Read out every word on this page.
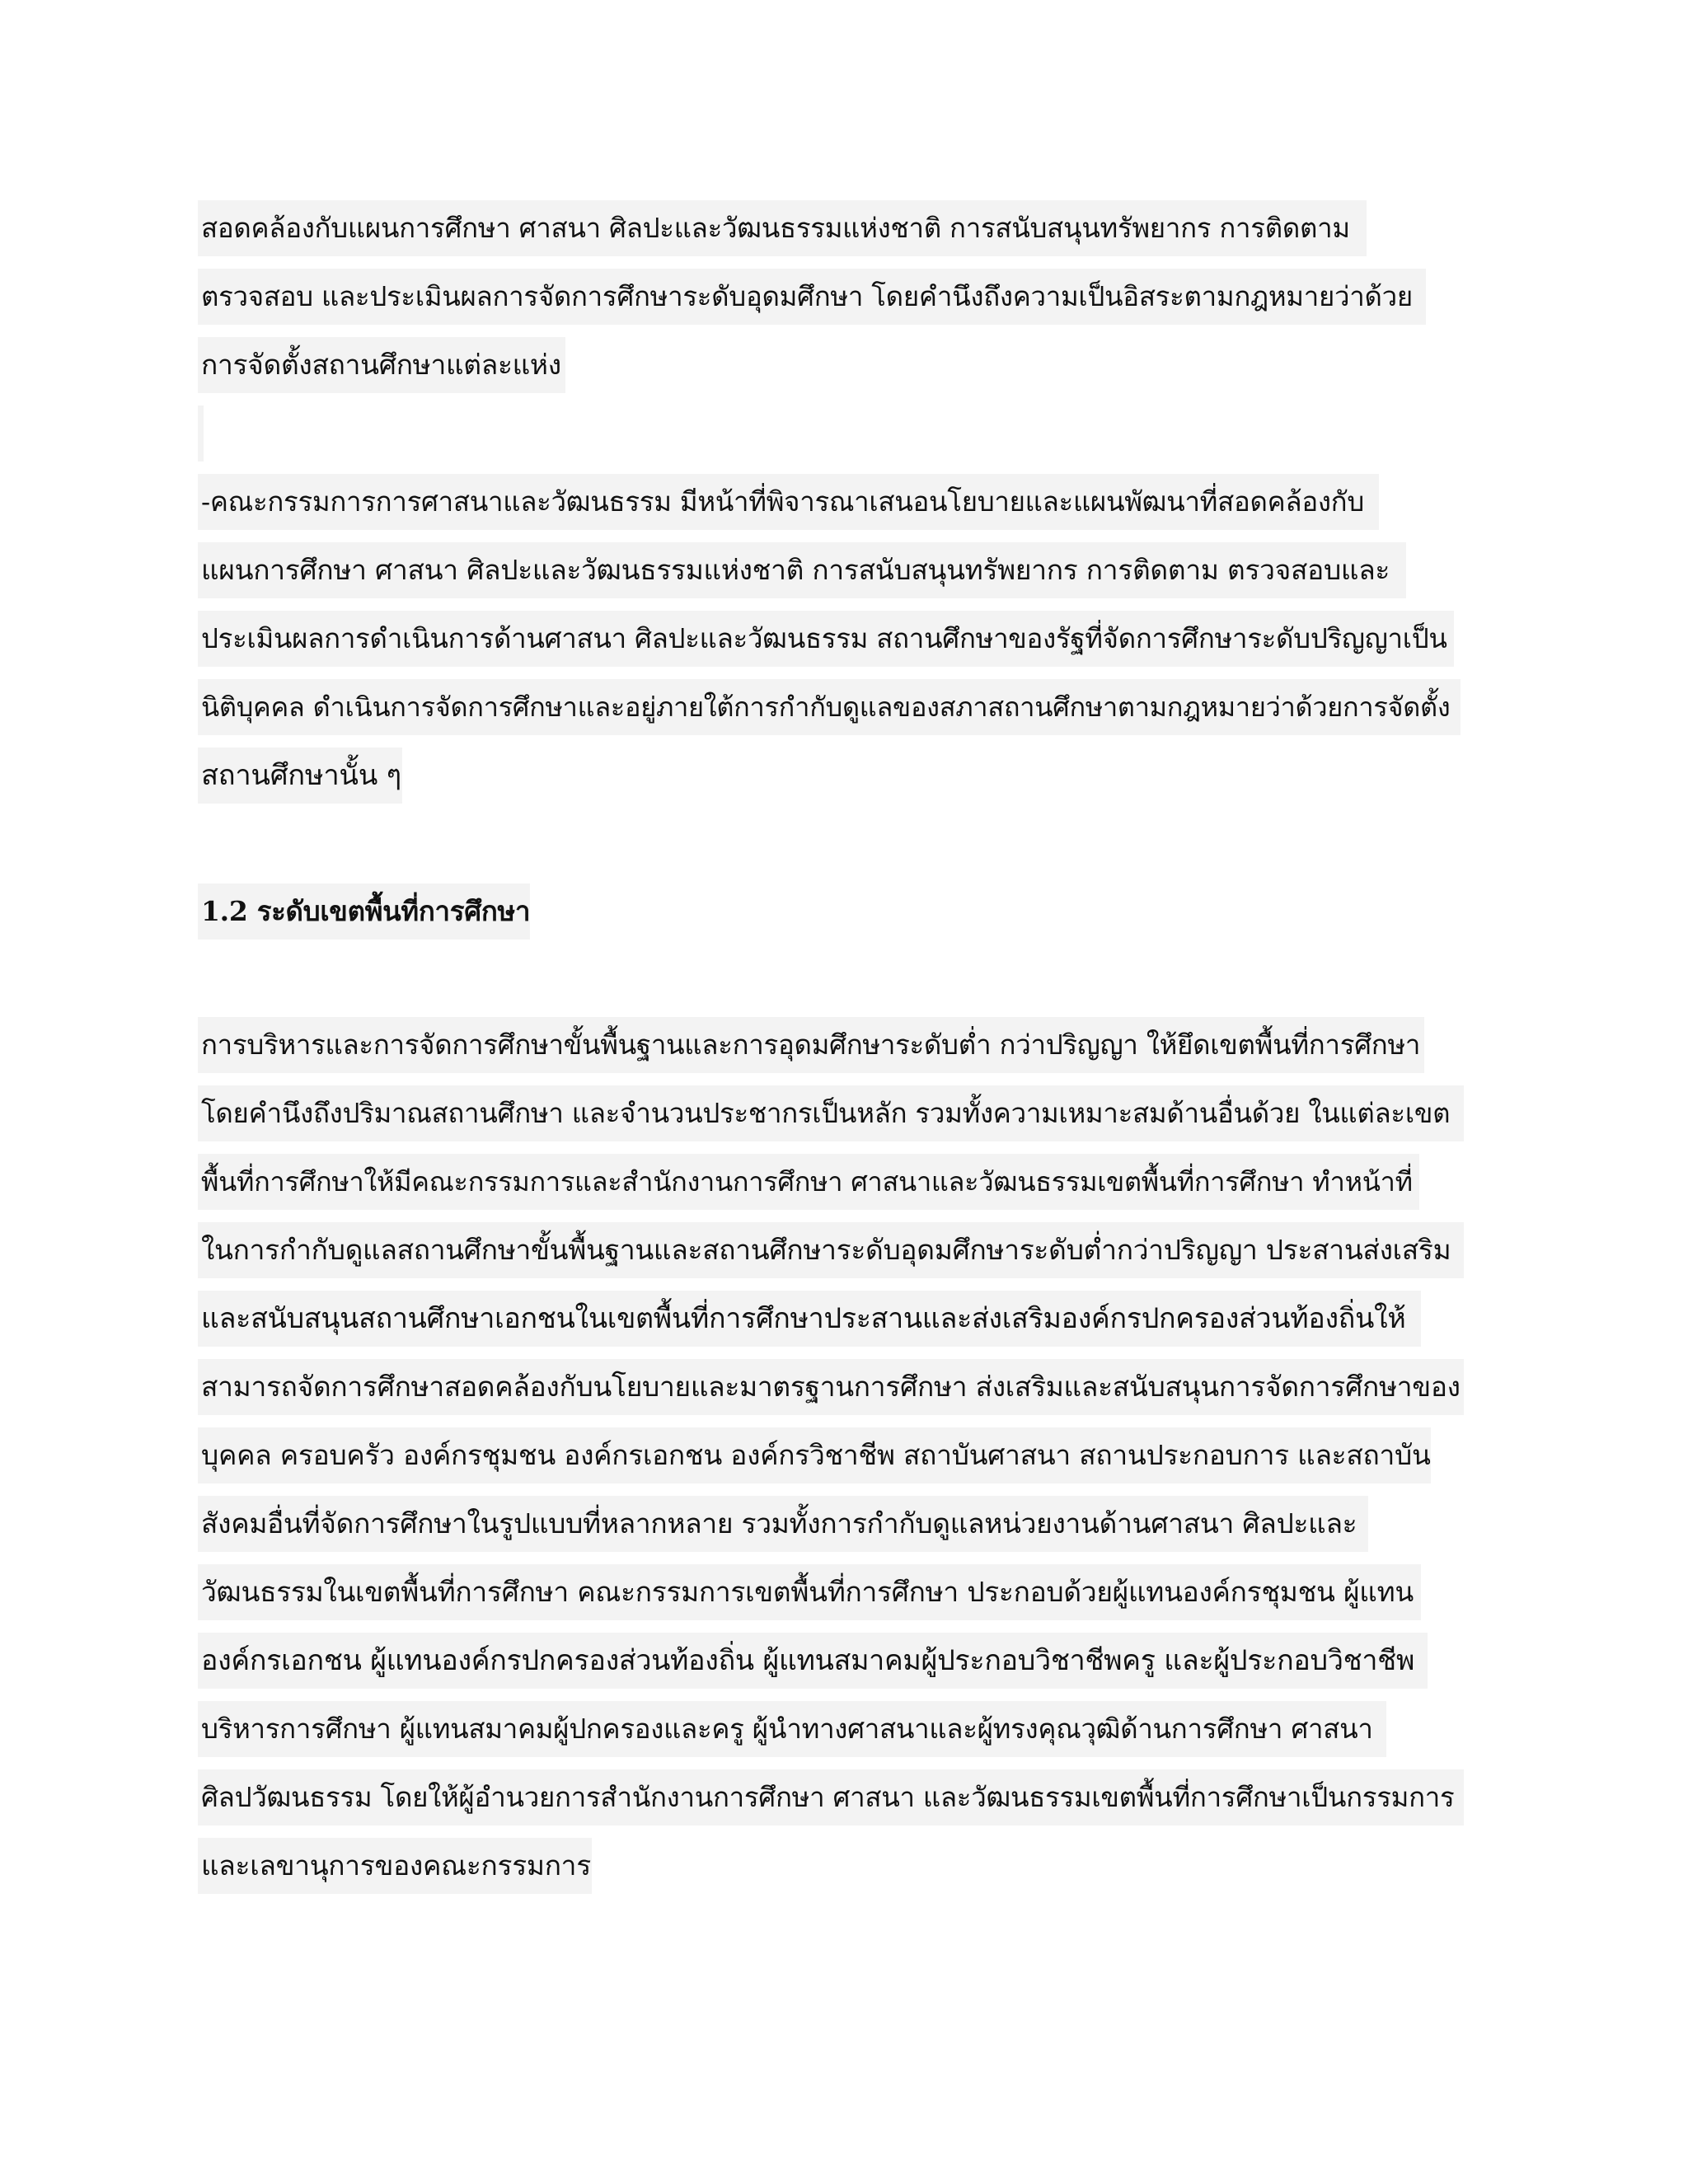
สอดคล้องกับแผนการศึกษา ศาสนา ศิลปะและวัฒนธรรมแห่งชาติ การสนับสนุนทรัพยากร การติดตาม
ตรวจสอบ และประเมินผลการจัดการศึกษาระดับอุดมศึกษา โดยคำนึงถึงความเป็นอิสระตามกฎหมายว่าด้วย
การจัดตั้งสถานศึกษาแต่ละแห่ง
-คณะกรรมการการศาสนาและวัฒนธรรม มีหน้าที่พิจารณาเสนอนโยบายและแผนพัฒนาที่สอดคล้องกับ
แผนการศึกษา ศาสนา ศิลปะและวัฒนธรรมแห่งชาติ การสนับสนุนทรัพยากร การติดตาม ตรวจสอบและ
ประเมินผลการดำเนินการด้านศาสนา ศิลปะและวัฒนธรรม สถานศึกษาของรัฐที่จัดการศึกษาระดับปริญญาเป็น
นิติบุคคล ดำเนินการจัดการศึกษาและอยู่ภายใต้การกำกับดูแลของสภาสถานศึกษาตามกฎหมายว่าด้วยการจัดตั้ง
สถานศึกษานั้น ๆ
1.2 ระดับเขตพื้นที่การศึกษา
การบริหารและการจัดการศึกษาขั้นพื้นฐานและการอุดมศึกษาระดับต่ำ กว่าปริญญา ให้ยึดเขตพื้นที่การศึกษา
โดยคำนึงถึงปริมาณสถานศึกษา และจำนวนประชากรเป็นหลัก รวมทั้งความเหมาะสมด้านอื่นด้วย ในแต่ละเขต
พื้นที่การศึกษาให้มีคณะกรรมการและสำนักงานการศึกษา ศาสนาและวัฒนธรรมเขตพื้นที่การศึกษา ทำหน้าที่
ในการกำกับดูแลสถานศึกษาขั้นพื้นฐานและสถานศึกษาระดับอุดมศึกษาระดับต่ำกว่าปริญญา ประสานส่งเสริม
และสนับสนุนสถานศึกษาเอกชนในเขตพื้นที่การศึกษาประสานและส่งเสริมองค์กรปกครองส่วนท้องถิ่นให้
สามารถจัดการศึกษาสอดคล้องกับนโยบายและมาตรฐานการศึกษา ส่งเสริมและสนับสนุนการจัดการศึกษาของ
บุคคล ครอบครัว องค์กรชุมชน องค์กรเอกชน องค์กรวิชาชีพ สถาบันศาสนา สถานประกอบการ และสถาบัน
สังคมอื่นที่จัดการศึกษาในรูปแบบที่หลากหลาย รวมทั้งการกำกับดูแลหน่วยงานด้านศาสนา ศิลปะและ
วัฒนธรรมในเขตพื้นที่การศึกษา คณะกรรมการเขตพื้นที่การศึกษา ประกอบด้วยผู้แทนองค์กรชุมชน ผู้แทน
องค์กรเอกชน ผู้แทนองค์กรปกครองส่วนท้องถิ่น ผู้แทนสมาคมผู้ประกอบวิชาชีพครู และผู้ประกอบวิชาชีพ
บริหารการศึกษา ผู้แทนสมาคมผู้ปกครองและครู ผู้นำทางศาสนาและผู้ทรงคุณวุฒิด้านการศึกษา ศาสนา
ศิลปวัฒนธรรม โดยให้ผู้อำนวยการสำนักงานการศึกษา ศาสนา และวัฒนธรรมเขตพื้นที่การศึกษาเป็นกรรมการ
และเลขานุการของคณะกรรมการ
